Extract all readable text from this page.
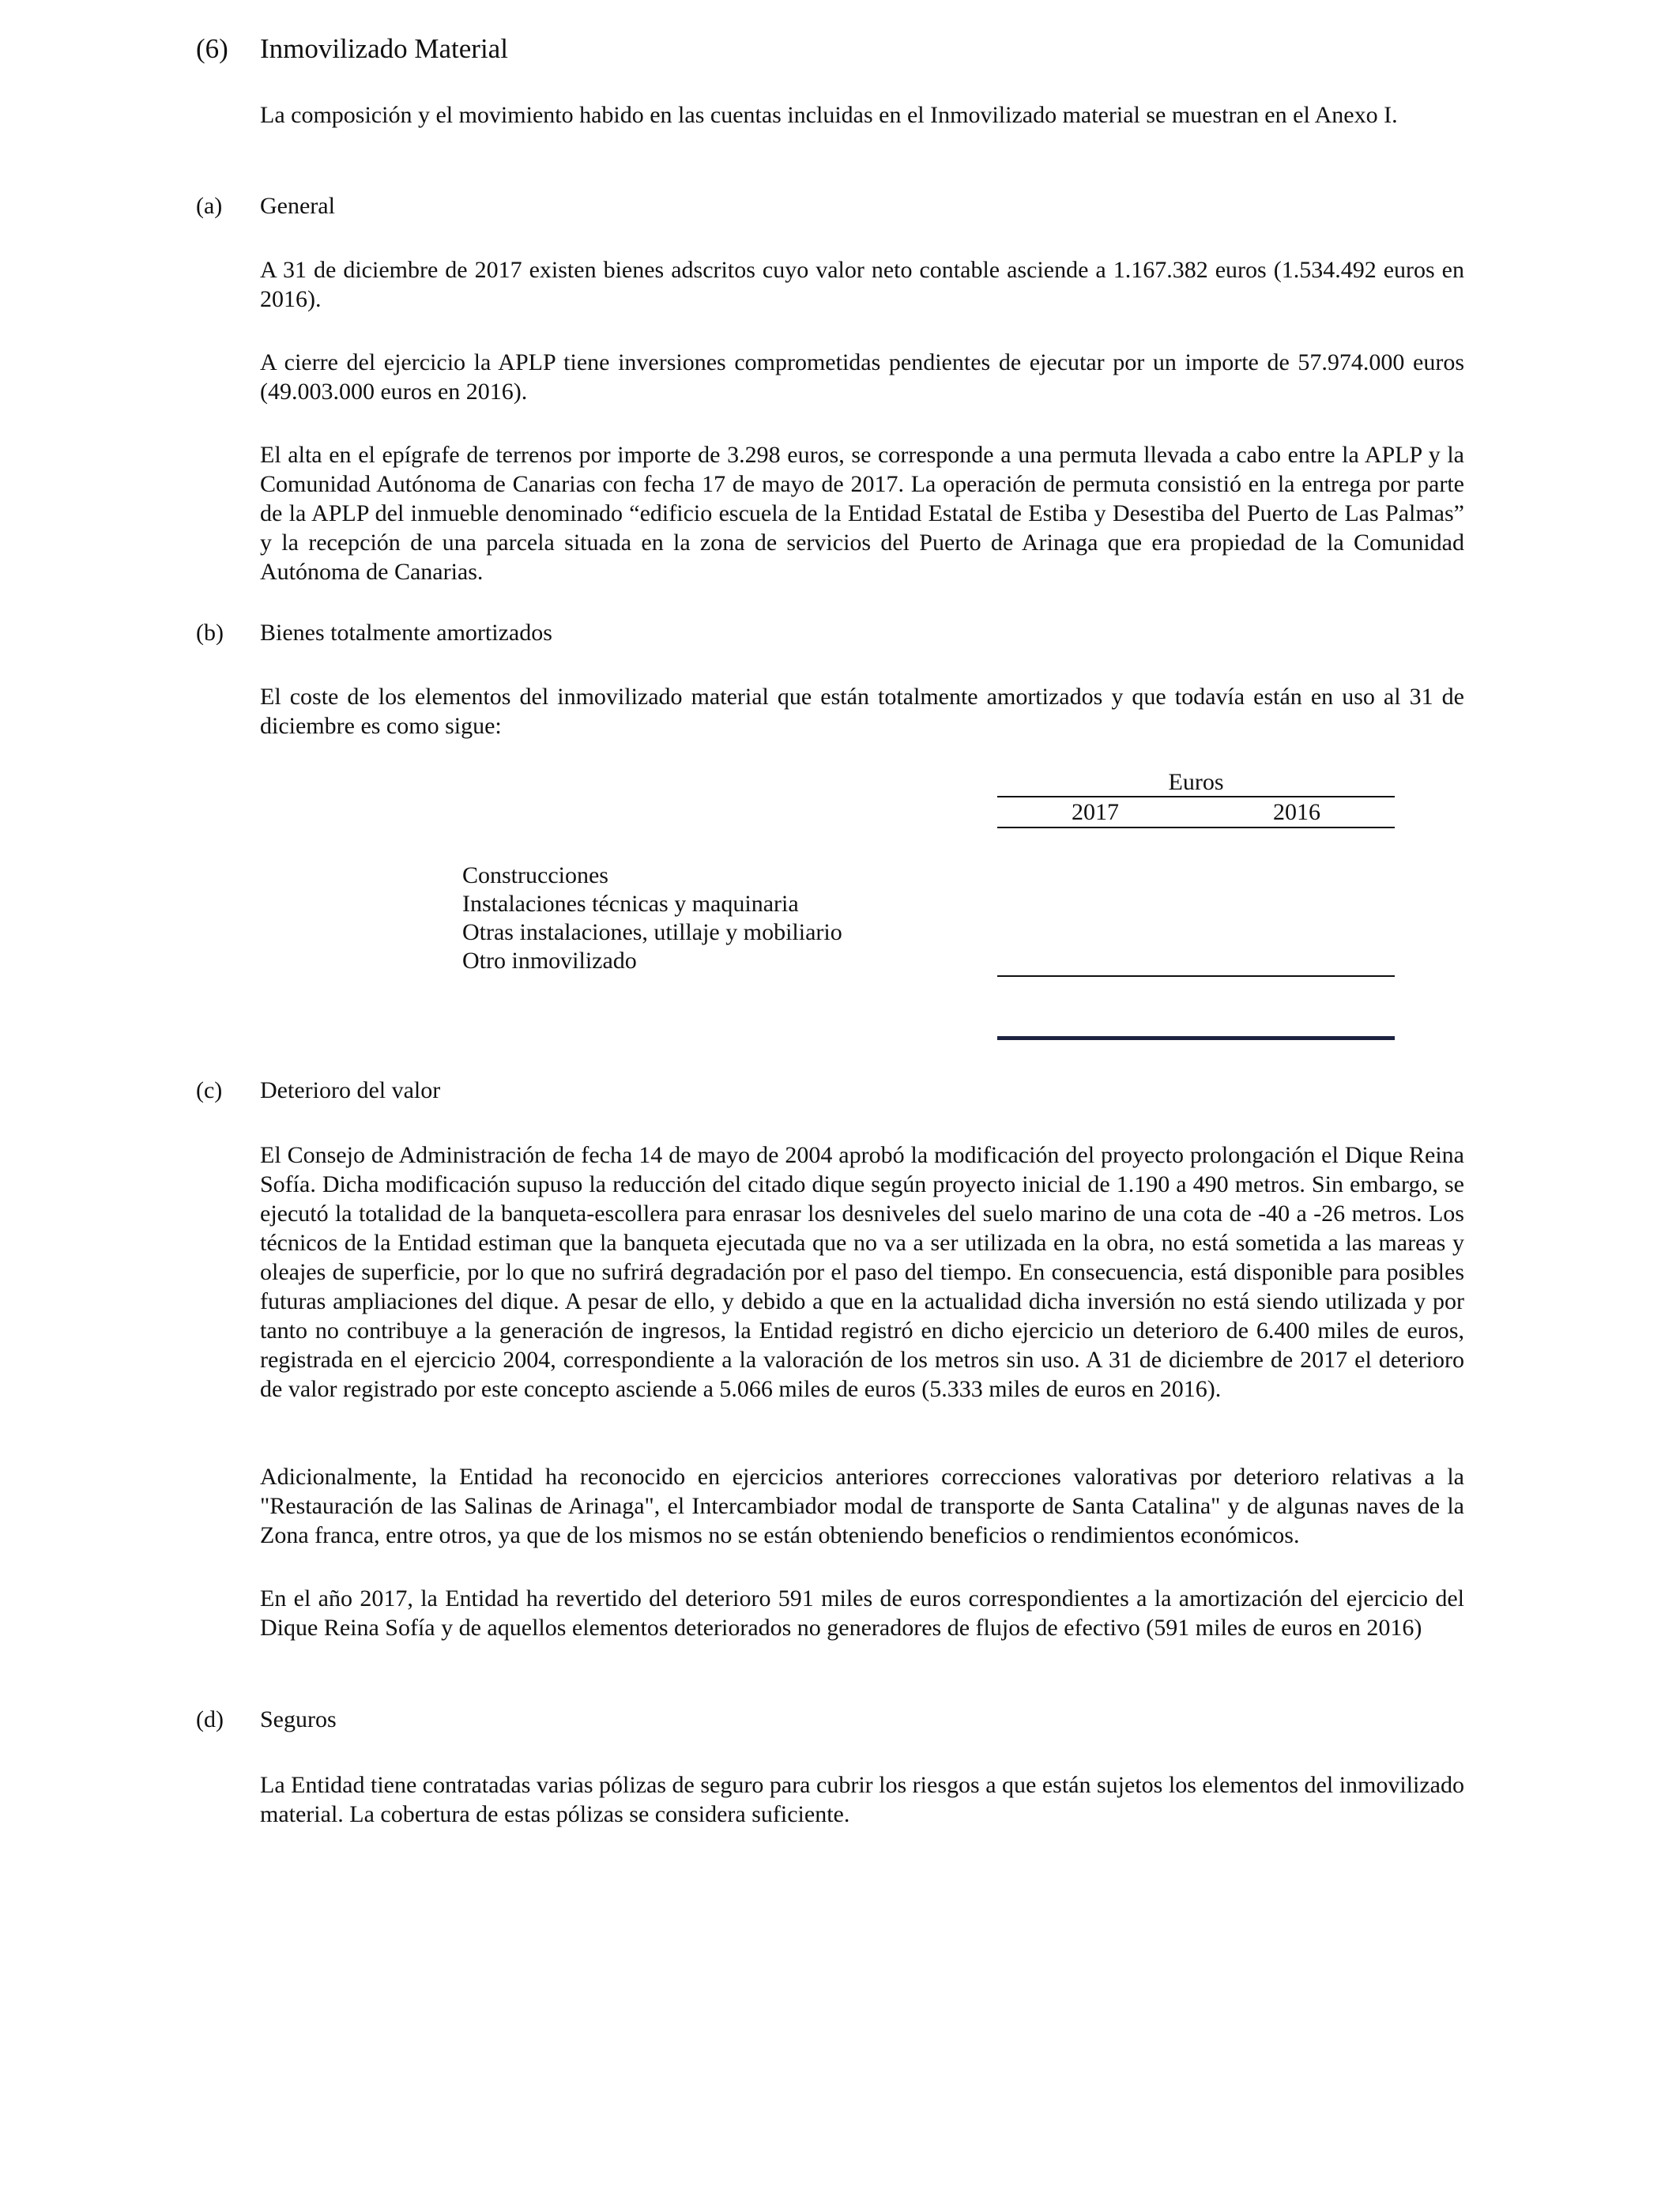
(6)	Inmovilizado Material

La composición y el movimiento habido en las cuentas incluidas en el Inmovilizado material se muestran en el Anexo I.

(a)	General

A 31 de diciembre de 2017 existen bienes adscritos cuyo valor neto contable asciende a 1.167.382 euros (1.534.492 euros en 2016).

A cierre del ejercicio la APLP tiene inversiones comprometidas pendientes de ejecutar por un importe de 57.974.000 euros (49.003.000 euros en 2016).

El alta en el epígrafe de terrenos por importe de 3.298 euros, se corresponde a una permuta llevada a cabo entre la APLP y la Comunidad Autónoma de Canarias con fecha 17 de mayo de 2017. La operación de permuta consistió en la entrega por parte de la APLP del inmueble denominado “edificio escuela de la Entidad Estatal de Estiba y Desestiba del Puerto de Las Palmas” y la recepción de una parcela situada en la zona de servicios del Puerto de Arinaga que era propiedad de la Comunidad Autónoma de Canarias.

(b)	Bienes totalmente amortizados

El coste de los elementos del inmovilizado material que están totalmente amortizados y que todavía están en uso al 31 de diciembre es como sigue:

Euros
2017	2016
Construcciones
Instalaciones técnicas y maquinaria
Otras instalaciones, utillaje y mobiliario
Otro inmovilizado
(c)	Deterioro del valor

El Consejo de Administración de fecha 14 de mayo de 2004 aprobó la modificación del proyecto prolongación el Dique Reina Sofía. Dicha modificación supuso la reducción del citado dique según proyecto inicial de 1.190 a 490 metros. Sin embargo, se ejecutó la totalidad de la banqueta-escollera para enrasar los desniveles del suelo marino de una cota de -40 a -26 metros. Los técnicos de la Entidad estiman que la banqueta ejecutada que no va a ser utilizada en la obra, no está sometida a las mareas y oleajes de superficie, por lo que no sufrirá degradación por el paso del tiempo. En consecuencia, está disponible para posibles futuras ampliaciones del dique. A pesar de ello, y debido a que en la actualidad dicha inversión no está siendo utilizada y por tanto no contribuye a la generación de ingresos, la Entidad registró en dicho ejercicio un deterioro de 6.400 miles de euros, registrada en el ejercicio 2004, correspondiente a la valoración de los metros sin uso. A 31 de diciembre de 2017 el deterioro de valor registrado por este concepto asciende a 5.066 miles de euros (5.333 miles de euros en 2016).

Adicionalmente, la Entidad ha reconocido en ejercicios anteriores correcciones valorativas por deterioro relativas a la "Restauración de las Salinas de Arinaga", el Intercambiador modal de transporte de Santa Catalina" y de algunas naves de la Zona franca, entre otros, ya que de los mismos no se están obteniendo beneficios o rendimientos económicos.

En el año 2017, la Entidad ha revertido del deterioro 591 miles de euros correspondientes a la amortización del ejercicio del Dique Reina Sofía y de aquellos elementos deteriorados no generadores de flujos de efectivo (591 miles de euros en 2016)

(d)	Seguros

La Entidad tiene contratadas varias pólizas de seguro para cubrir los riesgos a que están sujetos los elementos del inmovilizado material. La cobertura de estas pólizas se considera suficiente.
